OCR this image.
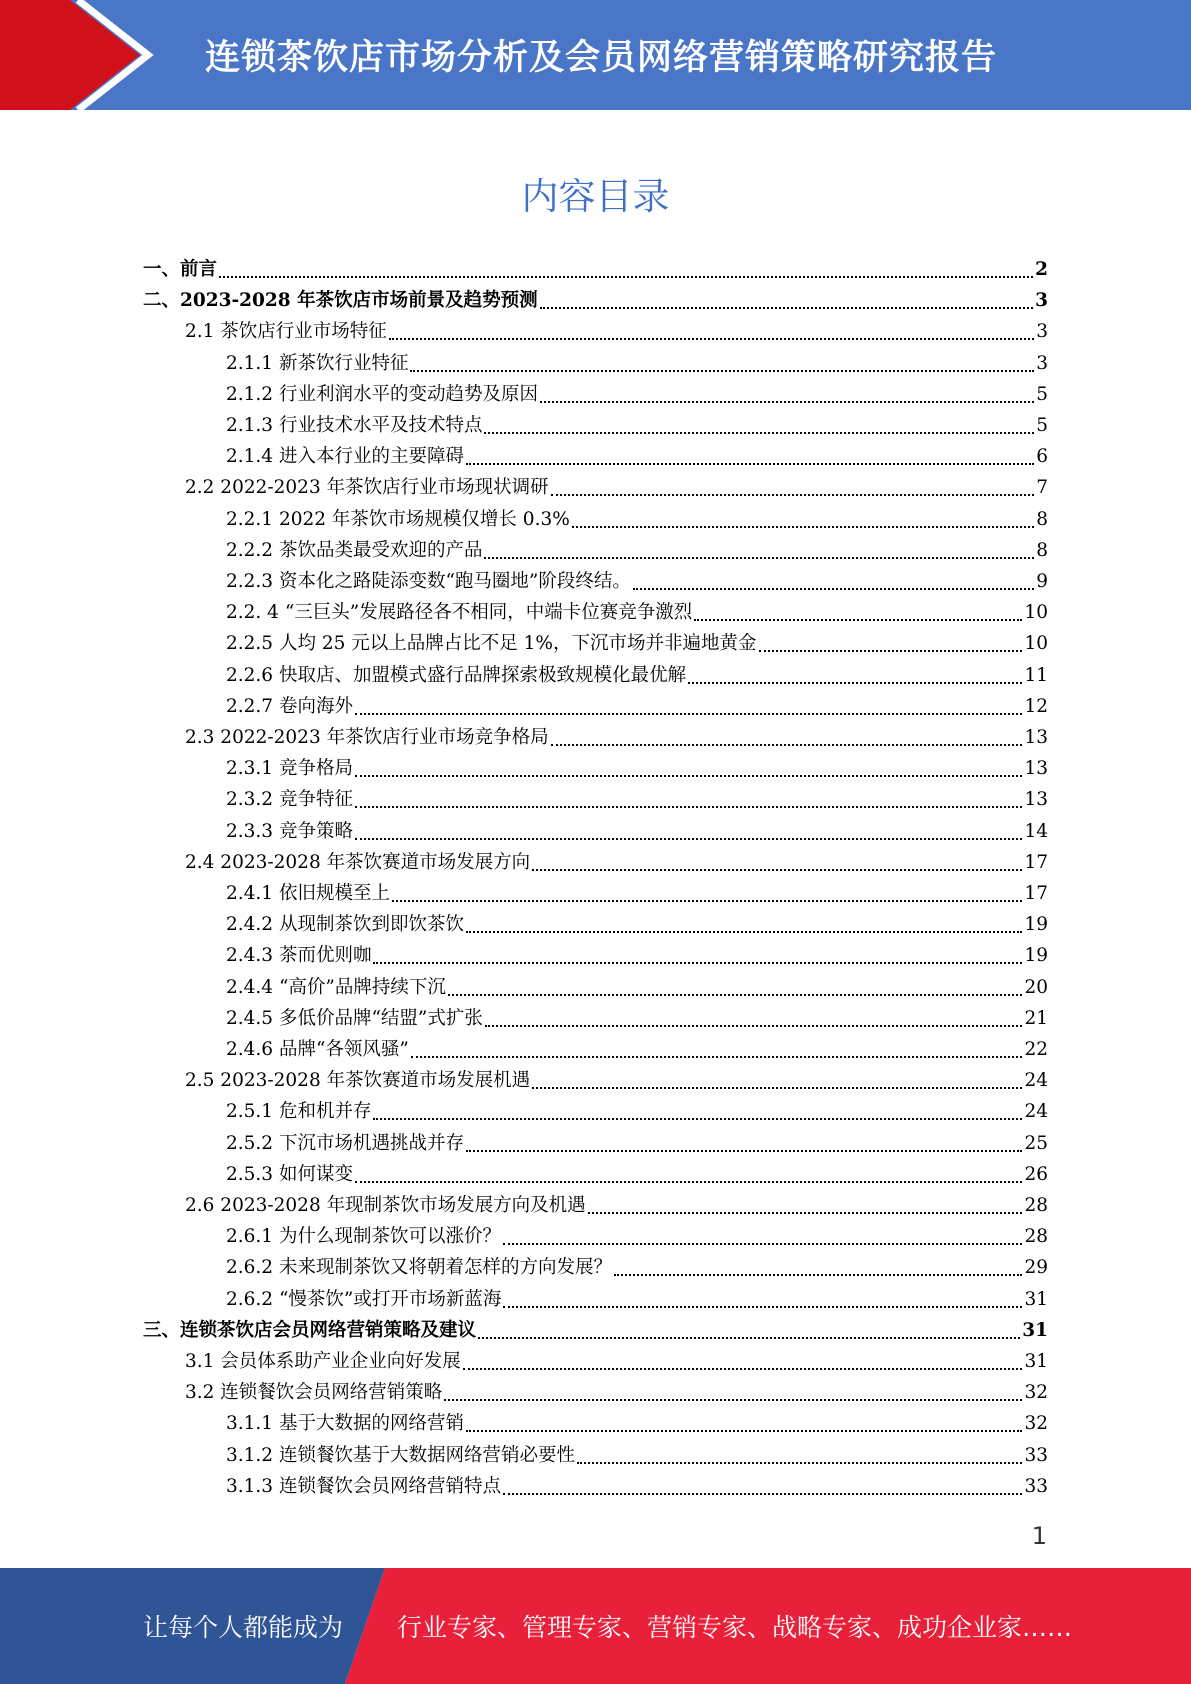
连锁茶饮店市场分析及会员网络营销策略研究报告
内容目录
一、前言	2
二、2023-2028 年茶饮店市场前景及趋势预测	3
2.1 茶饮店行业市场特征	3
2.1.1 新茶饮行业特征	3
2.1.2 行业利润水平的变动趋势及原因	5
2.1.3 行业技术水平及技术特点	5
2.1.4 进入本行业的主要障碍	6
2.2 2022-2023 年茶饮店行业市场现状调研	7
2.2.1 2022 年茶饮市场规模仅增长 0.3%	8
2.2.2 茶饮品类最受欢迎的产品	8
2.2.3 资本化之路陡添变数“跑马圈地”阶段终结。	9
2.2. 4 “三巨头”发展路径各不相同，中端卡位赛竞争激烈	10
2.2.5 人均 25 元以上品牌占比不足 1%，下沉市场并非遍地黄金	10
2.2.6 快取店、加盟模式盛行品牌探索极致规模化最优解	11
2.2.7 卷向海外	12
2.3 2022-2023 年茶饮店行业市场竞争格局	13
2.3.1 竞争格局	13
2.3.2 竞争特征	13
2.3.3 竞争策略	14
2.4 2023-2028 年茶饮赛道市场发展方向	17
2.4.1 依旧规模至上	17
2.4.2 从现制茶饮到即饮茶饮	19
2.4.3 茶而优则咖	19
2.4.4 “高价”品牌持续下沉	20
2.4.5 多低价品牌“结盟”式扩张	21
2.4.6 品牌“各领风骚”	22
2.5 2023-2028 年茶饮赛道市场发展机遇	24
2.5.1 危和机并存	24
2.5.2 下沉市场机遇挑战并存	25
2.5.3 如何谋变	26
2.6 2023-2028 年现制茶饮市场发展方向及机遇	28
2.6.1 为什么现制茶饮可以涨价？	28
2.6.2 未来现制茶饮又将朝着怎样的方向发展？	29
2.6.2 “慢茶饮”或打开市场新蓝海	31
三、连锁茶饮店会员网络营销策略及建议	31
3.1 会员体系助产业企业向好发展	31
3.2 连锁餐饮会员网络营销策略	32
3.1.1 基于大数据的网络营销	32
3.1.2 连锁餐饮基于大数据网络营销必要性	33
3.1.3 连锁餐饮会员网络营销特点	33
1
让每个人都能成为 行业专家、管理专家、营销专家、战略专家、成功企业家……
